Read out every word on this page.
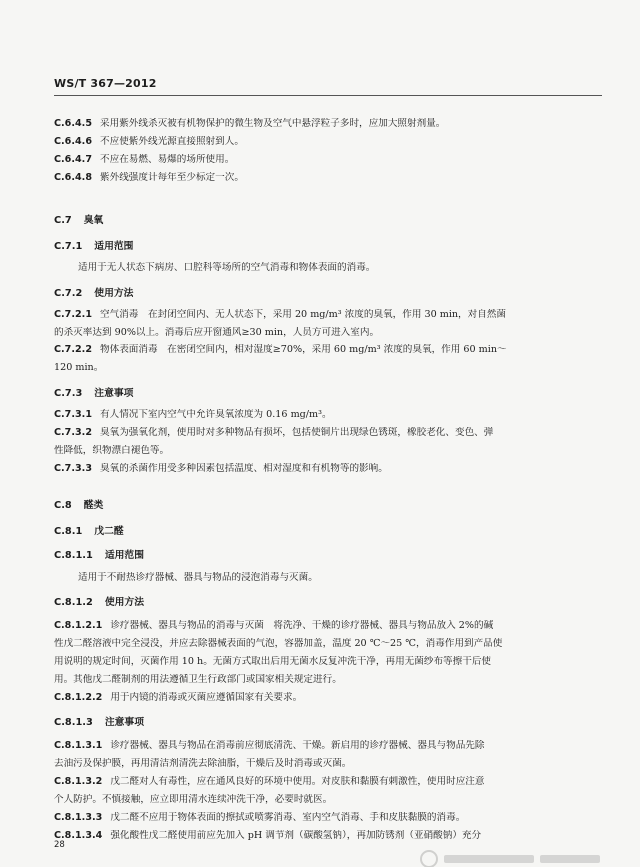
WS/T 367—2012
C.6.4.5 采用紫外线杀灭被有机物保护的微生物及空气中悬浮粒子多时，应加大照射剂量。
C.6.4.6 不应使紫外线光源直接照射到人。
C.6.4.7 不应在易燃、易爆的场所使用。
C.6.4.8 紫外线强度计每年至少标定一次。
C.7 臭氧
C.7.1 适用范围
适用于无人状态下病房、口腔科等场所的空气消毒和物体表面的消毒。
C.7.2 使用方法
C.7.2.1 空气消毒　在封闭空间内、无人状态下，采用 20 mg/m³ 浓度的臭氧，作用 30 min，对自然菌
的杀灭率达到 90%以上。消毒后应开窗通风≥30 min，人员方可进入室内。
C.7.2.2 物体表面消毒　在密闭空间内，相对湿度≥70%，采用 60 mg/m³ 浓度的臭氧，作用 60 min～
120 min。
C.7.3 注意事项
C.7.3.1 有人情况下室内空气中允许臭氧浓度为 0.16 mg/m³。
C.7.3.2 臭氧为强氧化剂，使用时对多种物品有损坏，包括使铜片出现绿色锈斑，橡胶老化、变色、弹
性降低，织物漂白褪色等。
C.7.3.3 臭氧的杀菌作用受多种因素包括温度、相对湿度和有机物等的影响。
C.8 醛类
C.8.1 戊二醛
C.8.1.1 适用范围
适用于不耐热诊疗器械、器具与物品的浸泡消毒与灭菌。
C.8.1.2 使用方法
C.8.1.2.1 诊疗器械、器具与物品的消毒与灭菌　将洗净、干燥的诊疗器械、器具与物品放入 2%的碱
性戊二醛溶液中完全浸没，并应去除器械表面的气泡，容器加盖，温度 20 ℃～25 ℃，消毒作用到产品使
用说明的规定时间，灭菌作用 10 h。无菌方式取出后用无菌水反复冲洗干净，再用无菌纱布等擦干后使
用。其他戊二醛制剂的用法遵循卫生行政部门或国家相关规定进行。
C.8.1.2.2 用于内镜的消毒或灭菌应遵循国家有关要求。
C.8.1.3 注意事项
C.8.1.3.1 诊疗器械、器具与物品在消毒前应彻底清洗、干燥。新启用的诊疗器械、器具与物品先除
去油污及保护膜，再用清洁剂清洗去除油脂，干燥后及时消毒或灭菌。
C.8.1.3.2 戊二醛对人有毒性，应在通风良好的环境中使用。对皮肤和黏膜有刺激性，使用时应注意
个人防护。不慎接触，应立即用清水连续冲洗干净，必要时就医。
C.8.1.3.3 戊二醛不应用于物体表面的擦拭或喷雾消毒、室内空气消毒、手和皮肤黏膜的消毒。
C.8.1.3.4 强化酸性戊二醛使用前应先加入 pH 调节剂（碳酸氢钠），再加防锈剂（亚硝酸钠）充分
28
